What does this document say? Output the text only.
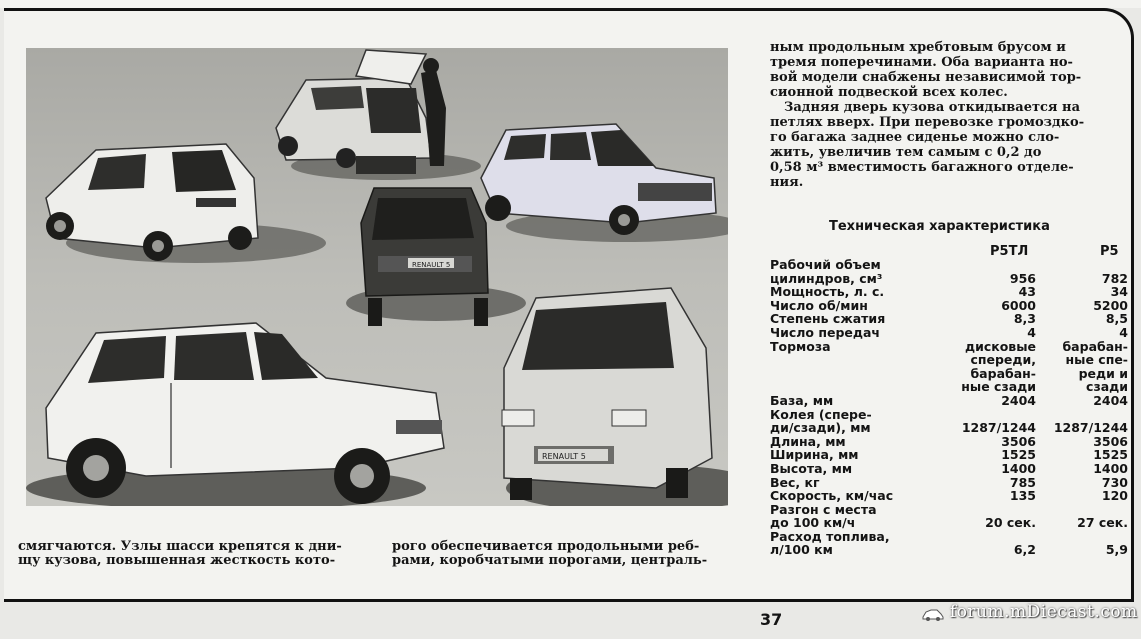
RENAULT 5
RENAULT 5

ным продольным хребтовым брусом и
тремя поперечинами. Оба варианта но-
вой модели снабжены независимой тор-
сионной подвеской всех колес.

Задняя дверь кузова откидывается на
петлях вверх. При перевозке громоздко-
го багажа заднее сиденье можно сло-
жить, увеличив тем самым с 0,2 до
0,58 м³ вместимость багажного отделе-
ния.

Техническая характеристика
Р5ТЛ	Р5
Рабочий объем		
цилиндров, см³	956	782
Мощность, л. с.	43	34
Число об/мин	6000	5200
Степень сжатия	8,3	8,5
Число передач	4	4
Тормоза	дисковые	барабан-
	спереди,	ные спе-
	барабан-	реди и
	ные сзади	сзади
База, мм	2404	2404
Колея (спере-		
ди/сзади), мм	1287/1244	1287/1244
Длина, мм	3506	3506
Ширина, мм	1525	1525
Высота, мм	1400	1400
Вес, кг	785	730
Скорость, км/час	135	120
Разгон с места		
до 100 км/ч	20 сек.	27 сек.
Расход топлива,		
л/100 км	6,2	5,9
смягчаются. Узлы шасси крепятся к дни-
щу кузова, повышенная жесткость кото-
рого обеспечивается продольными реб-
рами, коробчатыми порогами, централь-
37	forum.mDiecast.com
